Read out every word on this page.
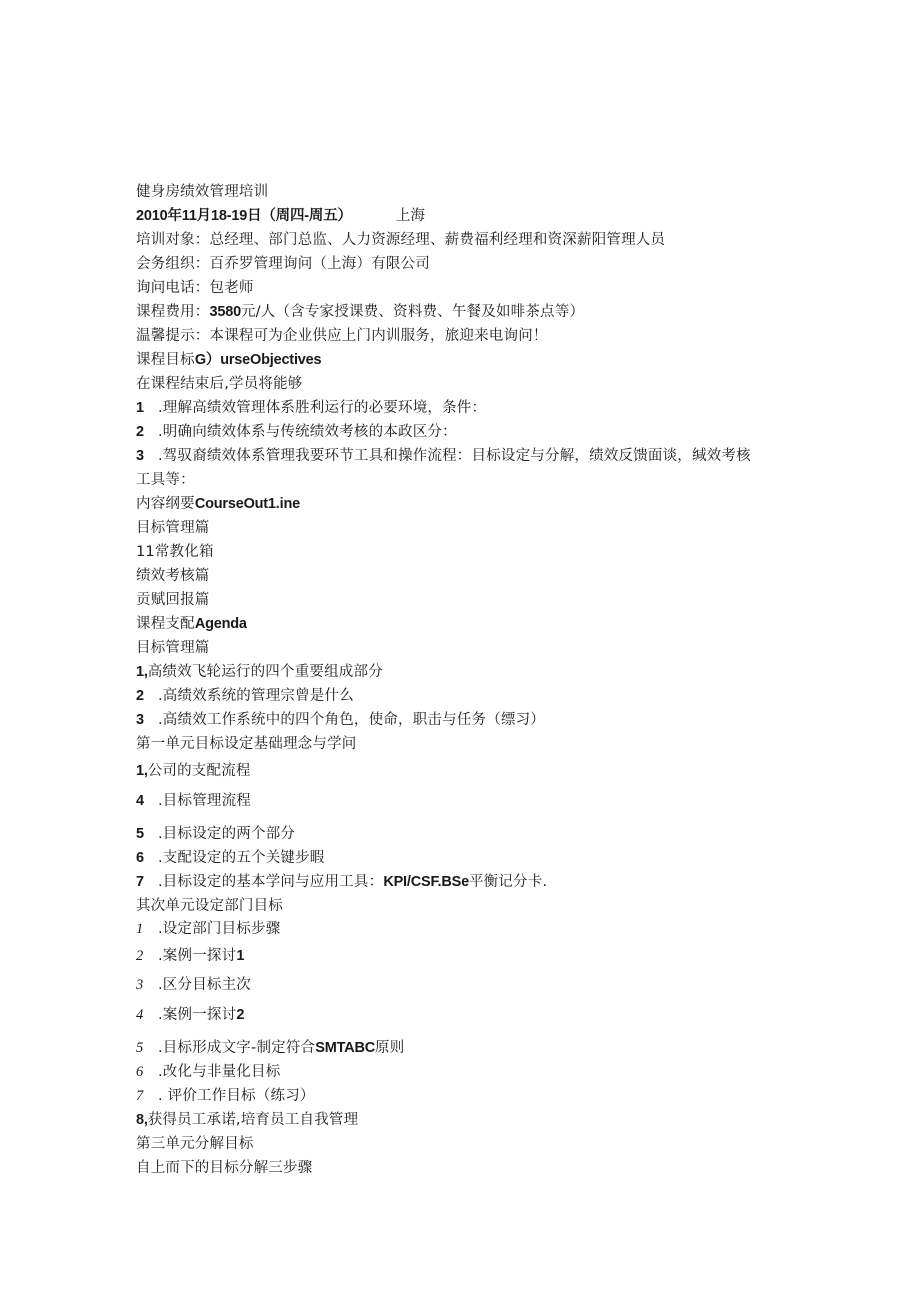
健身房绩效管理培训
2010年11月18-19日（周四-周五）	上海
培训对象：总经理、部门总监、人力资源经理、薪费福利经理和资深薪阳管理人员
会务组织：百乔罗管理询问（上海）有限公司
询问电话：包老师
课程费用：3580元/人（含专家授课费、资料费、午餐及如啡茶点等）
温馨提示：本课程可为企业供应上门内训服务，旅迎来电询问！
课程目标G）urseObjectives
在课程结束后,学员将能够
1 .理解高绩效管理体系胜利运行的必要环境，条件：
2 .明确向绩效体系与传统绩效考核的本政区分：
3 .驾驭裔绩效体系管理我要环节工具和操作流程：目标设定与分解，绩效反馈面谈，缄效考核
工具等：
内容纲要CourseOut1.ine
目标管理篇
11常教化箱
绩效考核篇
贡赋回报篇
课程支配Agenda
目标管理篇
1,高绩效飞轮运行的四个重要组成部分
2 .高绩效系统的管理宗曾是什么
3 .高绩效工作系统中的四个角色，使命，职击与任务（缥习）
第一单元目标设定基础理念与学问
1,公司的支配流程
4 .目标管理流程
5 .目标设定的两个部分
6 .支配设定的五个关键步暇
7 .目标设定的基本学问与应用工具：KPI/CSF.BSe平衡记分卡.
其次单元设定部门目标
1 .设定部门目标步骤
2 .案例一探讨1
3 .区分目标主次
4 .案例一探讨2
5 .目标形成文字-制定符合SMTABC原则
6 .改化与非量化目标
7 . 评价工作目标（练习）
8,获得员工承诺,培育员工自我管理
第三单元分解目标
自上而下的目标分解三步骤
